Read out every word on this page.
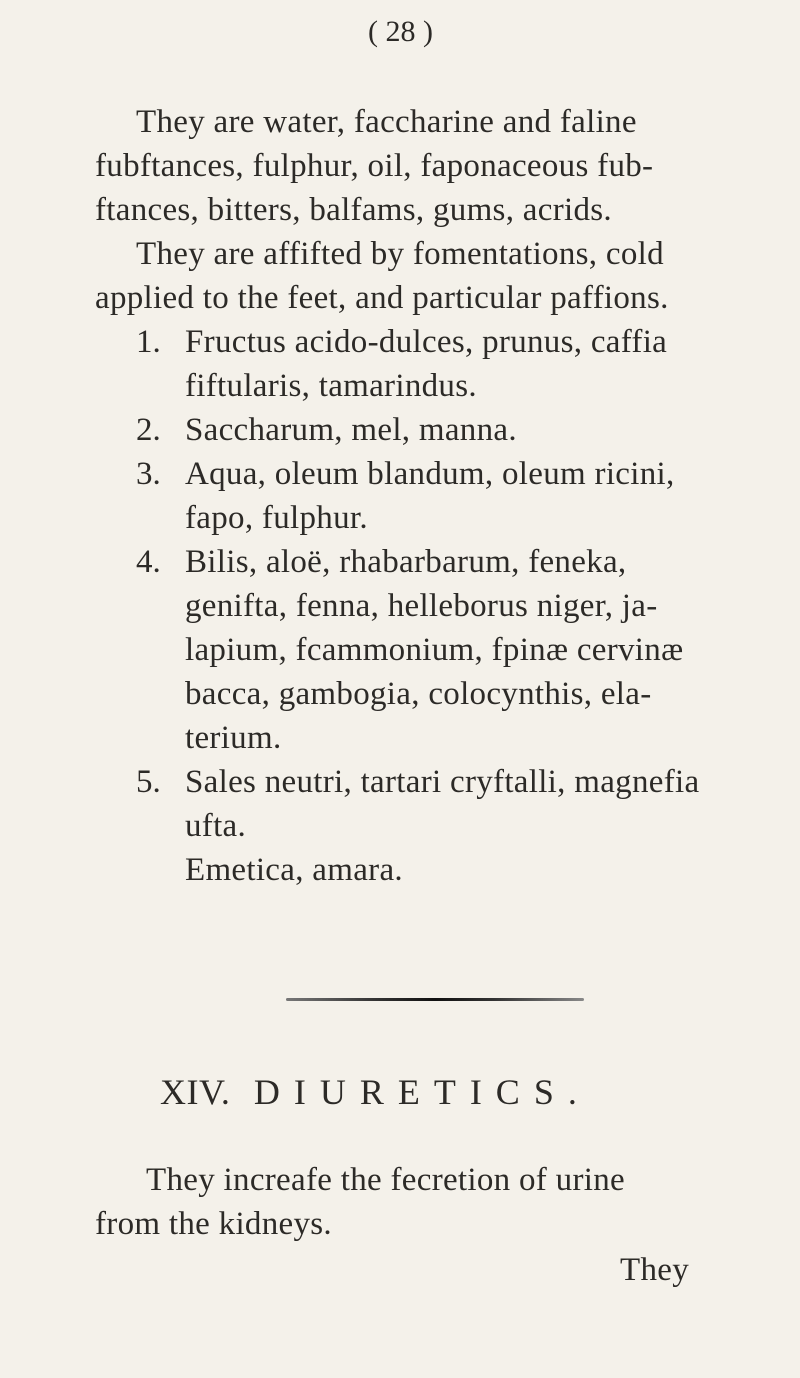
( 28 )
They are water, faccharine and faline
fubftances, fulphur, oil, faponaceous fub-
ftances, bitters, balfams, gums, acrids.
They are affifted by fomentations, cold
applied to the feet, and particular paffions.
1. Fructus acido-dulces, prunus, caffia
fiftularis, tamarindus.
2. Saccharum, mel, manna.
3. Aqua, oleum blandum, oleum ricini,
fapo, fulphur.
4. Bilis, aloë, rhabarbarum, feneka,
genifta, fenna, helleborus niger, ja-
lapium, fcammonium, fpinæ cervinæ
bacca, gambogia, colocynthis, ela-
terium.
5. Sales neutri, tartari cryftalli, magnefia
ufta.
Emetica, amara.
XIV. DIURETICS.
They increafe the fecretion of urine
from the kidneys.
They
